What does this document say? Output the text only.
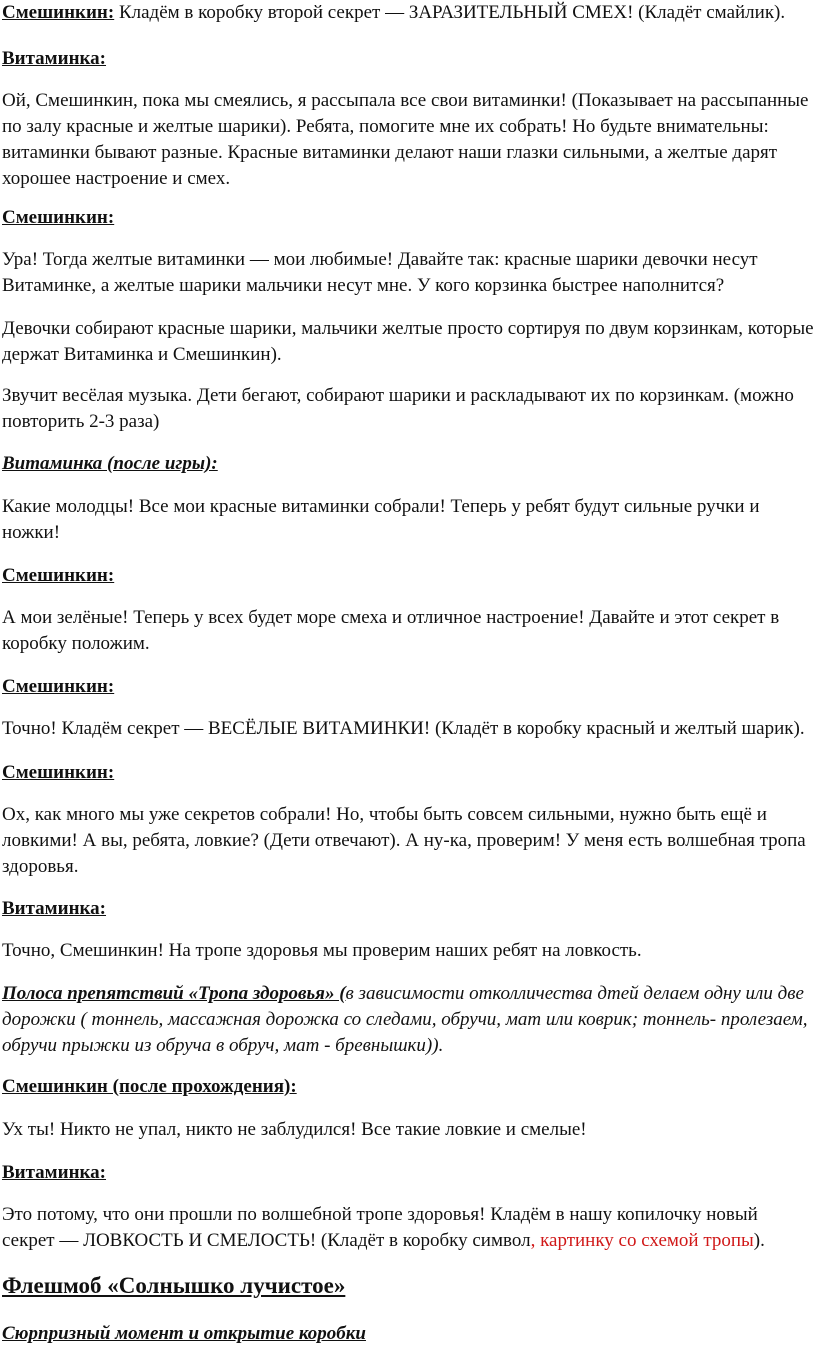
Смешинкин: Кладём в коробку второй секрет — ЗАРАЗИТЕЛЬНЫЙ СМЕХ! (Кладёт смайлик).

Витаминка:

Ой, Смешинкин, пока мы смеялись, я рассыпала все свои витаминки! (Показывает на рассыпанные по залу красные и желтые шарики). Ребята, помогите мне их собрать! Но будьте внимательны: витаминки бывают разные. Красные витаминки делают наши глазки сильными, а желтые дарят хорошее настроение и смех.

Смешинкин:

Ура! Тогда желтые витаминки — мои любимые! Давайте так: красные шарики девочки несут Витаминке, а желтые шарики мальчики несут мне. У кого корзинка быстрее наполнится?

Девочки собирают красные шарики, мальчики желтые просто сортируя по двум корзинкам, которые держат Витаминка и Смешинкин).

Звучит весёлая музыка. Дети бегают, собирают шарики и раскладывают их по корзинкам. (можно повторить 2-3 раза)

Витаминка (после игры):

Какие молодцы! Все мои красные витаминки собрали! Теперь у ребят будут сильные ручки и ножки!

Смешинкин:

А мои зелёные! Теперь у всех будет море смеха и отличное настроение! Давайте и этот секрет в коробку положим.

Смешинкин:

Точно! Кладём секрет — ВЕСЁЛЫЕ ВИТАМИНКИ! (Кладёт в коробку красный и желтый шарик).

Смешинкин:

Ох, как много мы уже секретов собрали! Но, чтобы быть совсем сильными, нужно быть ещё и ловкими! А вы, ребята, ловкие? (Дети отвечают). А ну-ка, проверим! У меня есть волшебная тропа здоровья.

Витаминка:

Точно, Смешинкин! На тропе здоровья мы проверим наших ребят на ловкость.

Полоса препятствий «Тропа здоровья» (в зависимости отколличества дтей делаем одну или две дорожки ( тоннель, массажная дорожка со следами, обручи, мат или коврик; тоннель- пролезаем, обручи прыжки из обруча в обруч, мат - бревнышки)).

Смешинкин (после прохождения):

Ух ты! Никто не упал, никто не заблудился! Все такие ловкие и смелые!

Витаминка:

Это потому, что они прошли по волшебной тропе здоровья! Кладём в нашу копилочку новый секрет — ЛОВКОСТЬ И СМЕЛОСТЬ! (Кладёт в коробку символ, картинку со схемой тропы).

Флешмоб «Солнышко лучистое»

Сюрпризный момент и открытие коробки
